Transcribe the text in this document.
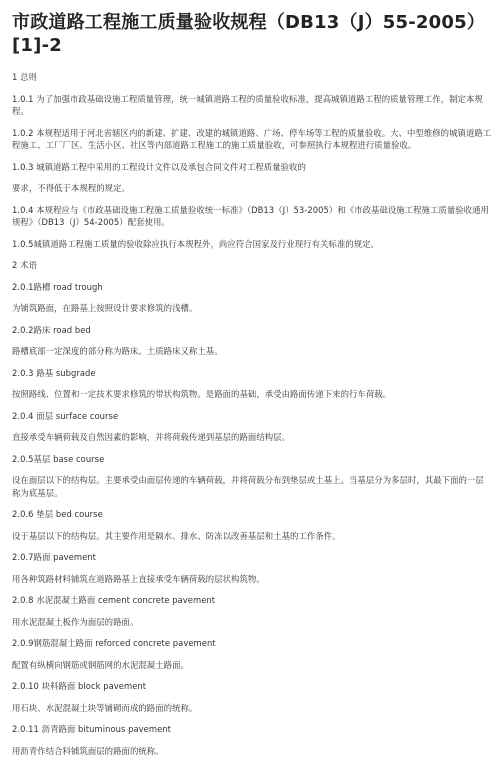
市政道路工程施工质量验收规程（DB13（J）55-2005）[1]-2

1 总则

1.0.1 为了加强市政基础设施工程质量管理，统一城镇道路工程的质量验收标准，提高城镇道路工程的质量管理工作，制定本规程。

1.0.2 本规程适用于河北省辖区内的新建、扩建、改建的城镇道路、广场、停车场等工程的质量验收。大、中型维修的城镇道路工程施工、工厂厂区、生活小区、社区等内部道路工程施工的施工质量验收，可参照执行本规程进行质量验收。

1.0.3 城镇道路工程中采用的工程设计文件以及承包合同文件对工程质量验收的

要求，不得低于本规程的规定。

1.0.4 本规程应与《市政基础设施工程施工质量验收统一标准》（DB13（J）53-2005）和《市政基础设施工程施工质量验收通用规程》（DB13（J）54-2005）配套使用。

1.0.5城镇道路工程施工质量的验收除应执行本规程外，尚应符合国家及行业现行有关标准的规定。

2 术语

2.0.1路槽 road trough

为铺筑路面，在路基上按照设计要求修筑的浅槽。

2.0.2路床 road bed

路槽底部一定深度的部分称为路床。土质路床又称土基。

2.0.3 路基 subgrade

按照路线、位置和一定技术要求修筑的带状构筑物。是路面的基础，承受由路面传递下来的行车荷载。

2.0.4 面层 surface course

直接承受车辆荷载及自然因素的影响，并将荷载传递到基层的路面结构层。

2.0.5基层 base course

设在面层以下的结构层。主要承受由面层传递的车辆荷载，并将荷载分布到垫层或土基上。当基层分为多层时，其最下面的一层称为底基层。

2.0.6 垫层 bed course

设于基层以下的结构层。其主要作用是隔水、排水、防冻以改善基层和土基的工作条件。

2.0.7路面 pavement

用各种筑路材料铺筑在道路路基上直接承受车辆荷载的层状构筑物。

2.0.8 水泥混凝土路面 cement concrete pavement

用水泥混凝土板作为面层的路面。

2.0.9钢筋混凝土路面 reforced concrete pavement

配置有纵横向钢筋或钢筋网的水泥混凝土路面。

2.0.10 块料路面 block pavement

用石块、水泥混凝土块等铺砌而成的路面的统称。

2.0.11 沥青路面 bituminous pavement

用沥青作结合料铺筑面层的路面的统称。
